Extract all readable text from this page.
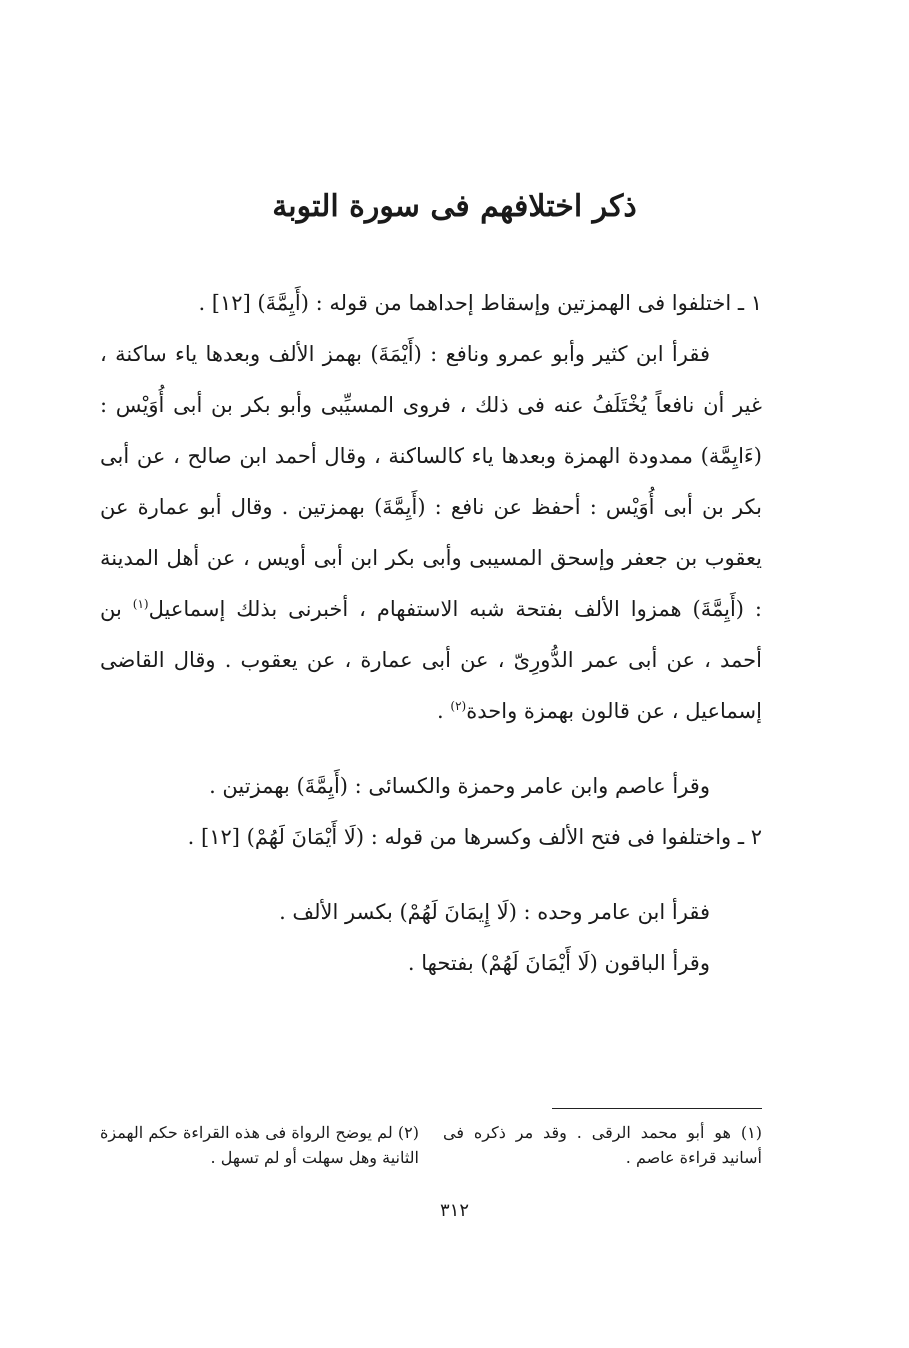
ذكر اختلافهم فى سورة التوبة

١ ـ اختلفوا فى الهمزتين وإسقاط إحداهما من قوله : (أَيِمَّةَ) [١٢] .

فقرأ ابن كثير وأبو عمرو ونافع : (أَيْمَةَ) بهمز الألف وبعدها ياء ساكنة ، غير أن نافعاً يُخْتَلَفُ عنه فى ذلك ، فروى المسيِّبى وأبو بكر بن أبى أُوَيْس : (ءَايِمَّة) ممدودة الهمزة وبعدها ياء كالساكنة ، وقال أحمد ابن صالح ، عن أبى بكر بن أبى أُوَيْس : أحفظ عن نافع : (أَيِمَّةَ) بهمزتين . وقال أبو عمارة عن يعقوب بن جعفر وإسحق المسيبى وأبى بكر ابن أبى أويس ، عن أهل المدينة : (أَيِمَّةَ) همزوا الألف بفتحة شبه الاستفهام ، أخبرنى بذلك إسماعيل$^{(١)}$ بن أحمد ، عن أبى عمر الدُّورِىّ ، عن أبى عمارة ، عن يعقوب . وقال القاضى إسماعيل ، عن قالون بهمزة واحدة$^{(٢)}$ .

وقرأ عاصم وابن عامر وحمزة والكسائى : (أَيِمَّةَ) بهمزتين .

٢ ـ واختلفوا فى فتح الألف وكسرها من قوله : (لَا أَيْمَانَ لَهُمْ) [١٢] .

فقرأ ابن عامر وحده : (لَا إِيمَانَ لَهُمْ) بكسر الألف .

وقرأ الباقون (لَا أَيْمَانَ لَهُمْ) بفتحها .

(١) هو أبو محمد الرقى . وقد مر ذكره فى أسانيد قراءة عاصم .
(٢) لم يوضح الرواة فى هذه القراءة حكم الهمزة الثانية وهل سهلت أو لم تسهل .
٣١٢
